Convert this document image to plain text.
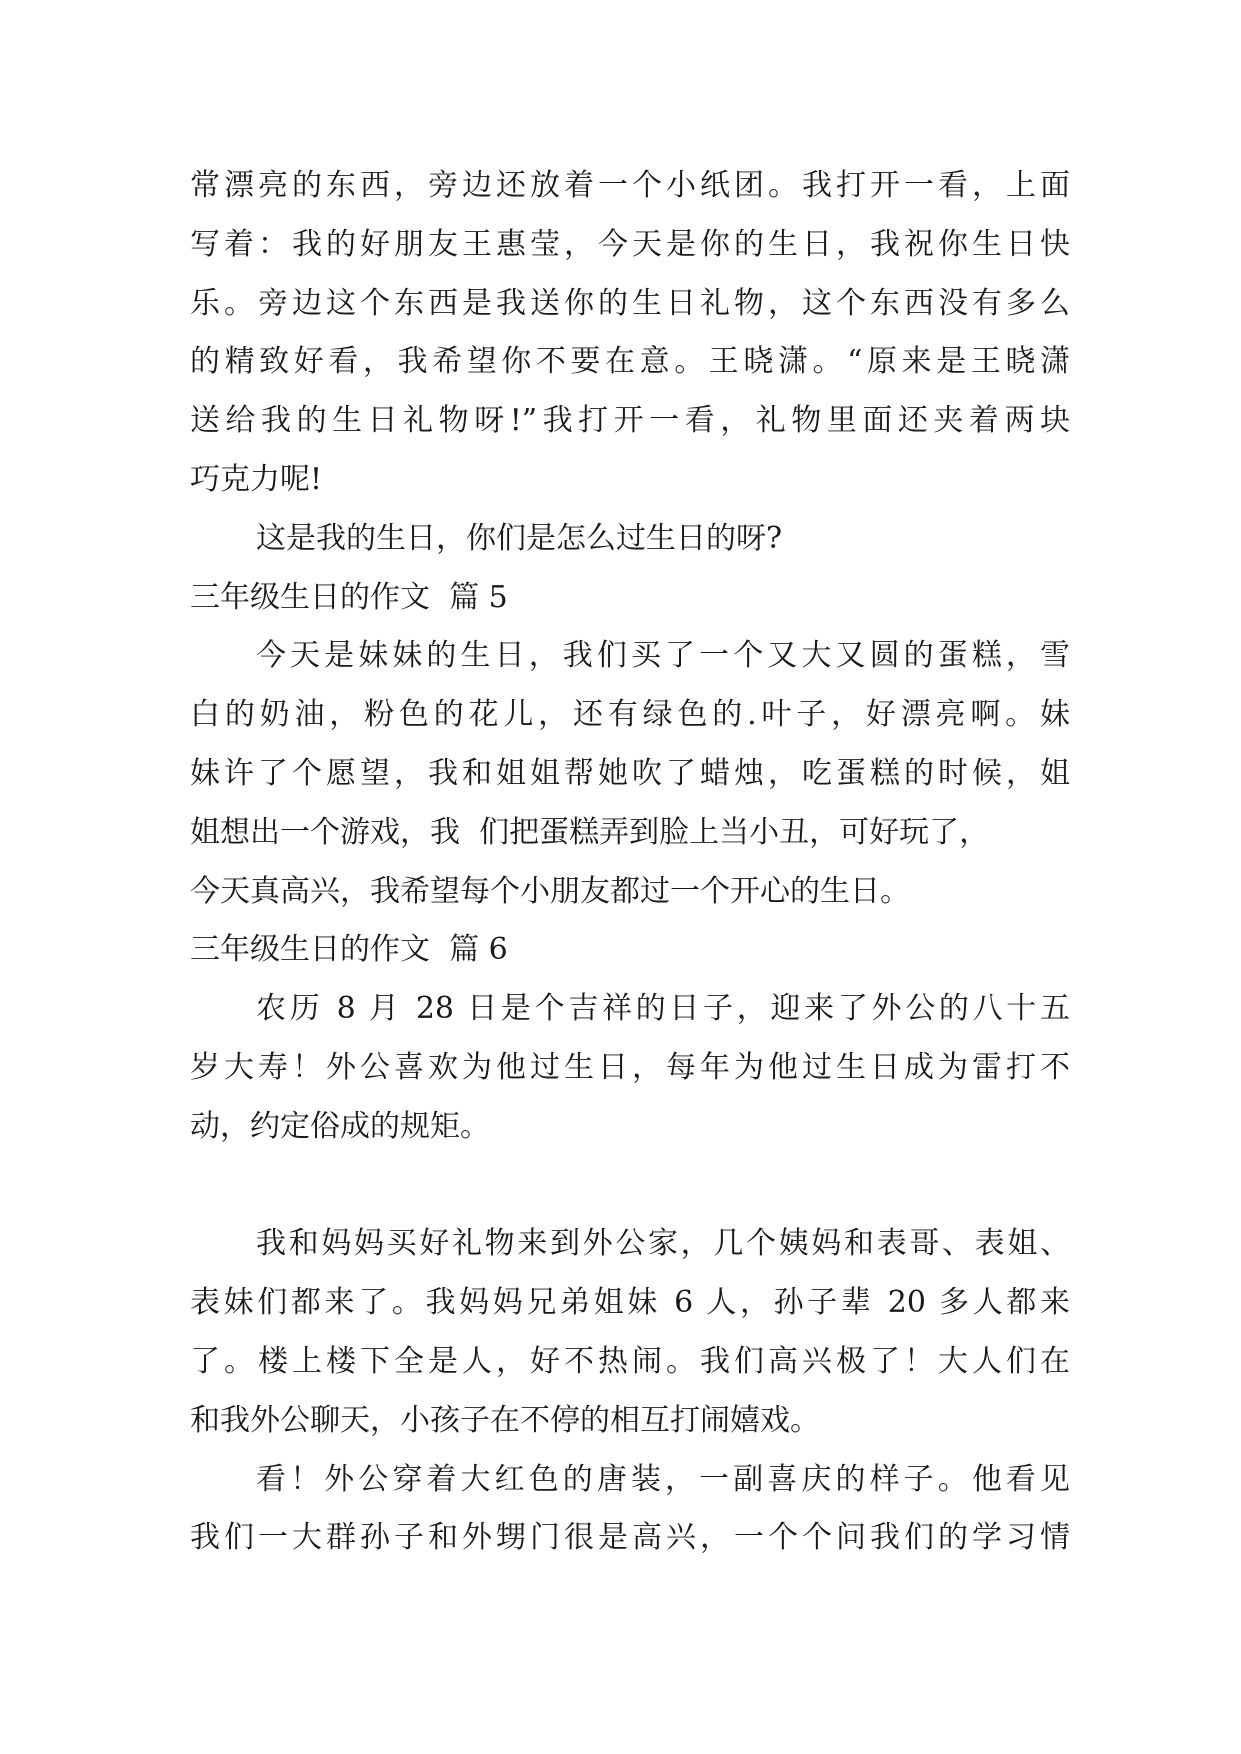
常漂亮的东西，旁边还放着一个小纸团。我打开一看，上面
写着：我的好朋友王惠莹，今天是你的生日，我祝你生日快
乐。旁边这个东西是我送你的生日礼物，这个东西没有多么
的精致好看，我希望你不要在意。王晓潇。“原来是王晓潇
送给我的生日礼物呀!”我打开一看，礼物里面还夹着两块
巧克力呢!
这是我的生日，你们是怎么过生日的呀?
三年级生日的作文  篇 5
今天是妹妹的生日，我们买了一个又大又圆的蛋糕，雪
白的奶油，粉色的花儿，还有绿色的.叶子，好漂亮啊。妹
妹许了个愿望，我和姐姐帮她吹了蜡烛，吃蛋糕的时候，姐
姐想出一个游戏，我  们把蛋糕弄到脸上当小丑，可好玩了，
今天真高兴，我希望每个小朋友都过一个开心的生日。
三年级生日的作文  篇 6
农历 8 月 28 日是个吉祥的日子，迎来了外公的八十五
岁大寿！外公喜欢为他过生日，每年为他过生日成为雷打不
动，约定俗成的规矩。
我和妈妈买好礼物来到外公家，几个姨妈和表哥、表姐、
表妹们都来了。我妈妈兄弟姐妹 6 人，孙子辈 20 多人都来
了。楼上楼下全是人，好不热闹。我们高兴极了！大人们在
和我外公聊天，小孩子在不停的相互打闹嬉戏。
看！外公穿着大红色的唐装，一副喜庆的样子。他看见
我们一大群孙子和外甥门很是高兴，一个个问我们的学习情
